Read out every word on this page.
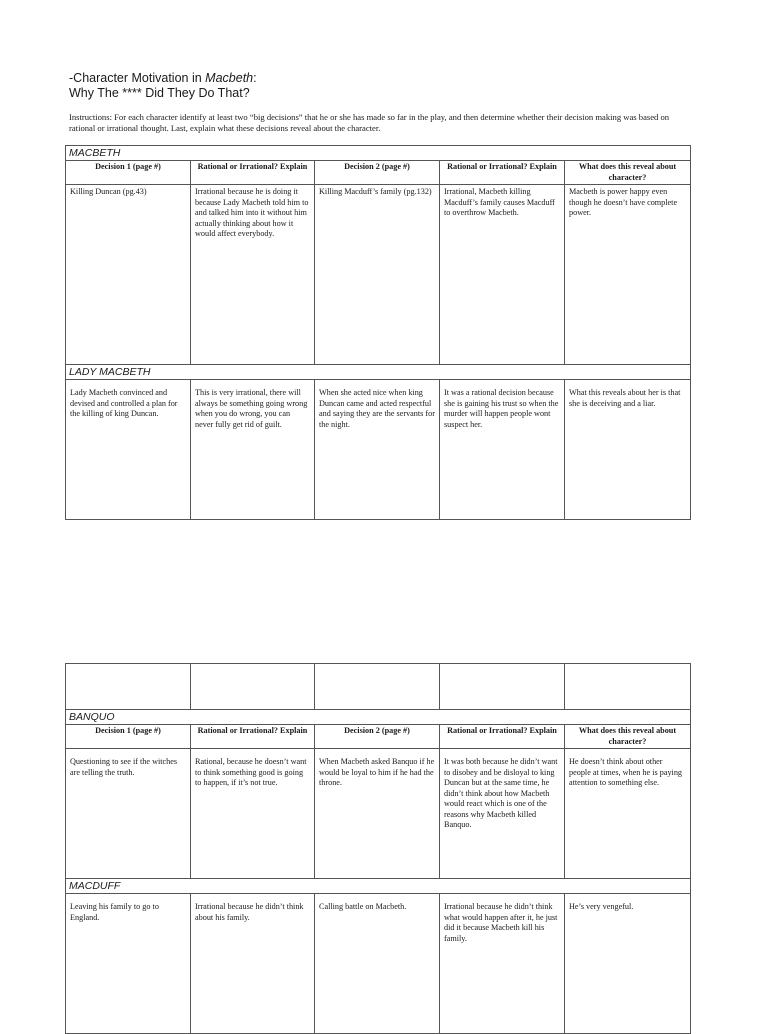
-Character Motivation in Macbeth:
Why The **** Did They Do That?

Instructions: For each character identify at least two “big decisions” that he or she has made so far in the play, and then determine whether their decision making was based on rational or irrational thought. Last, explain what these decisions reveal about the character.

MACBETH				
Decision 1 (page #)	Rational or Irrational? Explain	Decision 2 (page #)	Rational or Irrational? Explain	What does this reveal about character?
Killing Duncan (pg.43)	Irrational because he is doing it because Lady Macbeth told him to and talked him into it without him actually thinking about how it would affect everybody.	Killing Macduff’s family (pg.132)	Irrational, Macbeth killing Macduff’s family causes Macduff to overthrow Macbeth.	Macbeth is power happy even though he doesn’t have complete power.
LADY MACBETH				
Lady Macbeth convinced and devised and controlled a plan for the killing of king Duncan.	This is very irrational, there will always be something going wrong when you do wrong, you can never fully get rid of guilt.	When she acted nice when king Duncan came and acted respectful and saying they are the servants for the night.	It was a rational decision because she is gaining his trust so when the murder will happen people wont suspect her.	What this reveals about her is that she is deceiving and a liar.

BANQUO				
Decision 1 (page #)	Rational or Irrational? Explain	Decision 2 (page #)	Rational or Irrational? Explain	What does this reveal about character?
Questioning to see if the witches are telling the truth.	Rational, because he doesn’t want to think something good is going to happen, if it’s not true.	When Macbeth asked Banquo if he would be loyal to him if he had the throne.	It was both because he didn’t want to disobey and be disloyal to king Duncan but at the same time, he didn’t think about how Macbeth would react which is one of the reasons why Macbeth killed Banquo.	He doesn’t think about other people at times, when he is paying attention to something else.
MACDUFF				
Leaving his family to go to England.	Irrational because he didn’t think about his family.	Calling battle on Macbeth.	Irrational because he didn’t think what would happen after it, he just did it because Macbeth kill his family.	He’s very vengeful.
